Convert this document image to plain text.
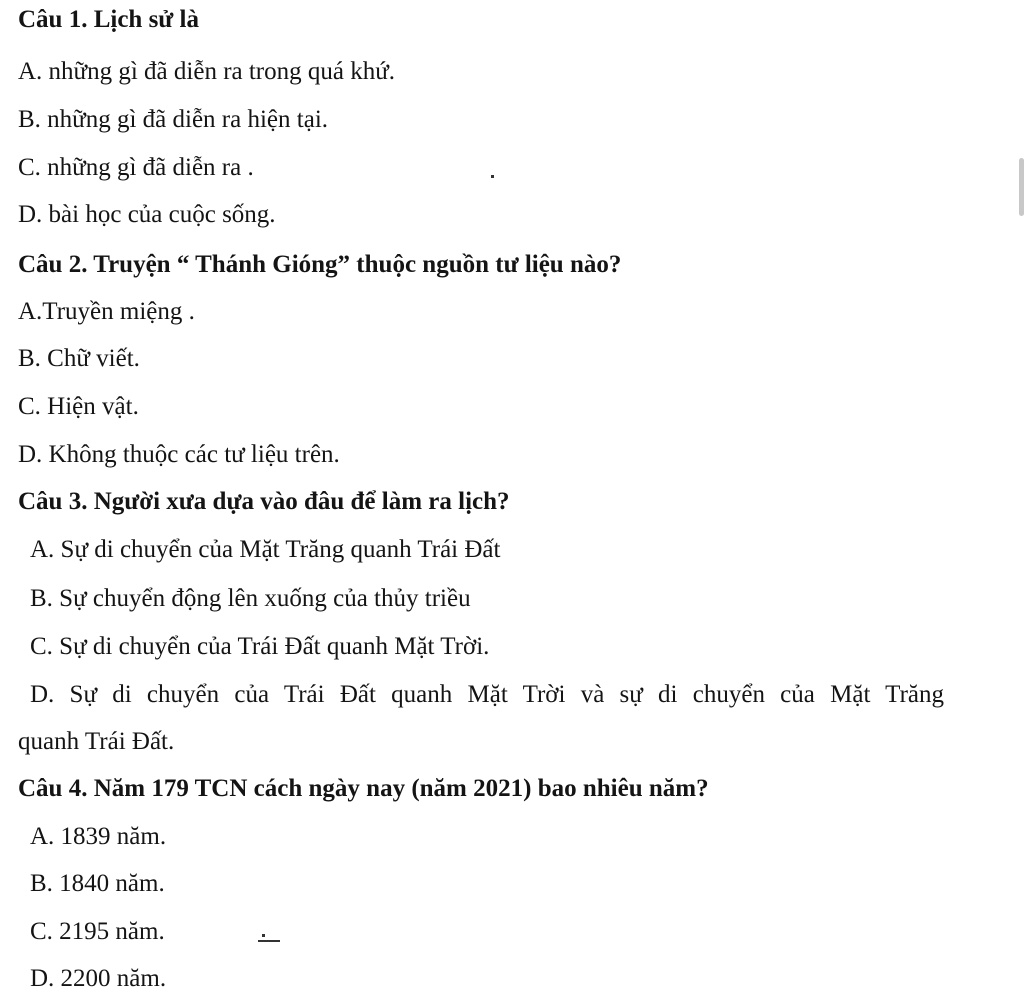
Câu 1. Lịch sử là
A. những gì đã diễn ra trong quá khứ.
B. những gì đã diễn ra hiện tại.
C. những gì đã diễn ra .
D. bài học của cuộc sống.
Câu 2. Truyện “ Thánh Gióng” thuộc nguồn tư liệu nào?
A.Truyền miệng .
B. Chữ viết.
C. Hiện vật.
D. Không thuộc các tư liệu trên.
Câu 3. Người xưa dựa vào đâu để làm ra lịch?
A. Sự di chuyển của Mặt Trăng quanh Trái Đất
B. Sự chuyển động lên xuống của thủy triều
C. Sự di chuyển của Trái Đất quanh Mặt Trời.
D. Sự di chuyển của Trái Đất quanh Mặt Trời và sự di chuyển của Mặt Trăng
quanh Trái Đất.
Câu 4. Năm 179 TCN cách ngày nay (năm 2021) bao nhiêu năm?
A. 1839 năm.
B. 1840 năm.
C. 2195 năm.
D. 2200 năm.
